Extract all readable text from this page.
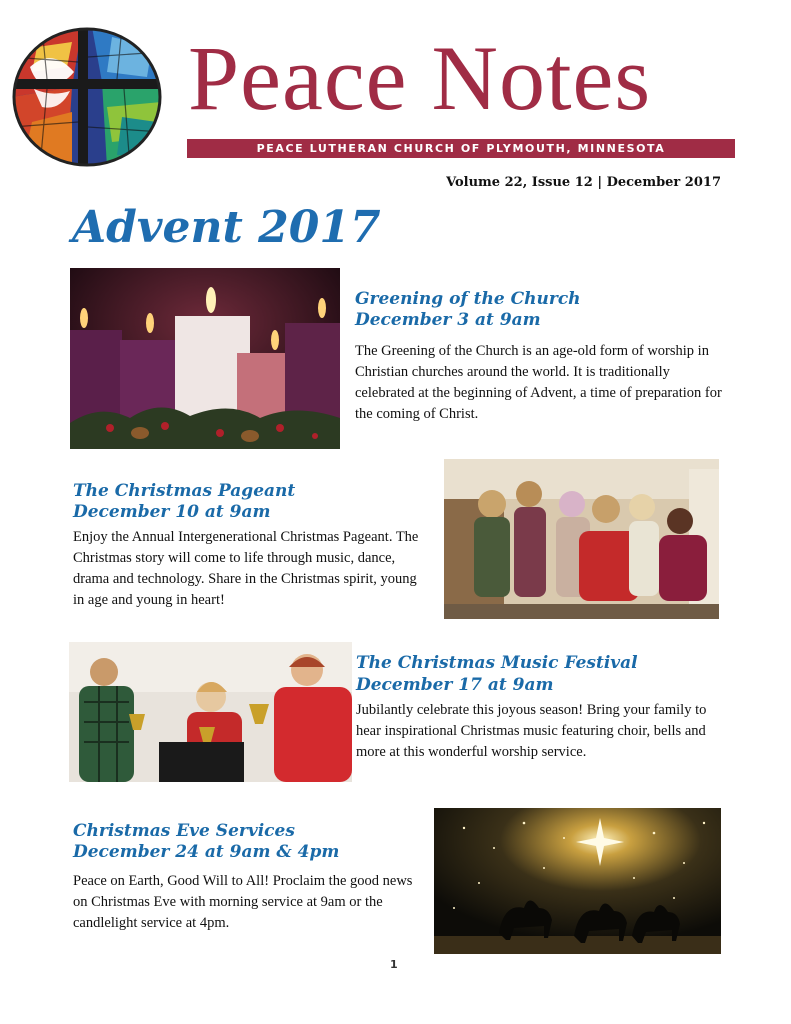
Peace Notes
PEACE LUTHERAN CHURCH OF PLYMOUTH, MINNESOTA
Volume 22, Issue 12 | December 2017
Advent 2017
Greening of the Church
December 3 at 9am
The Greening of the Church is an age-old form of worship in Christian churches around the world. It is traditionally celebrated at the beginning of Advent, a time of preparation for the coming of Christ.
The Christmas Pageant
December 10 at 9am
Enjoy the Annual Intergenerational Christmas Pageant. The Christmas story will come to life through music, dance, drama and technology. Share in the Christmas spirit, young in age and young in heart!
The Christmas Music Festival
December 17 at 9am
Jubilantly celebrate this joyous season! Bring your family to hear inspirational Christmas music featuring choir, bells and more at this wonderful worship service.
Christmas Eve Services
December 24 at 9am & 4pm
Peace on Earth, Good Will to All! Proclaim the good news on Christmas Eve with morning service at 9am or the candlelight service at 4pm.
1
